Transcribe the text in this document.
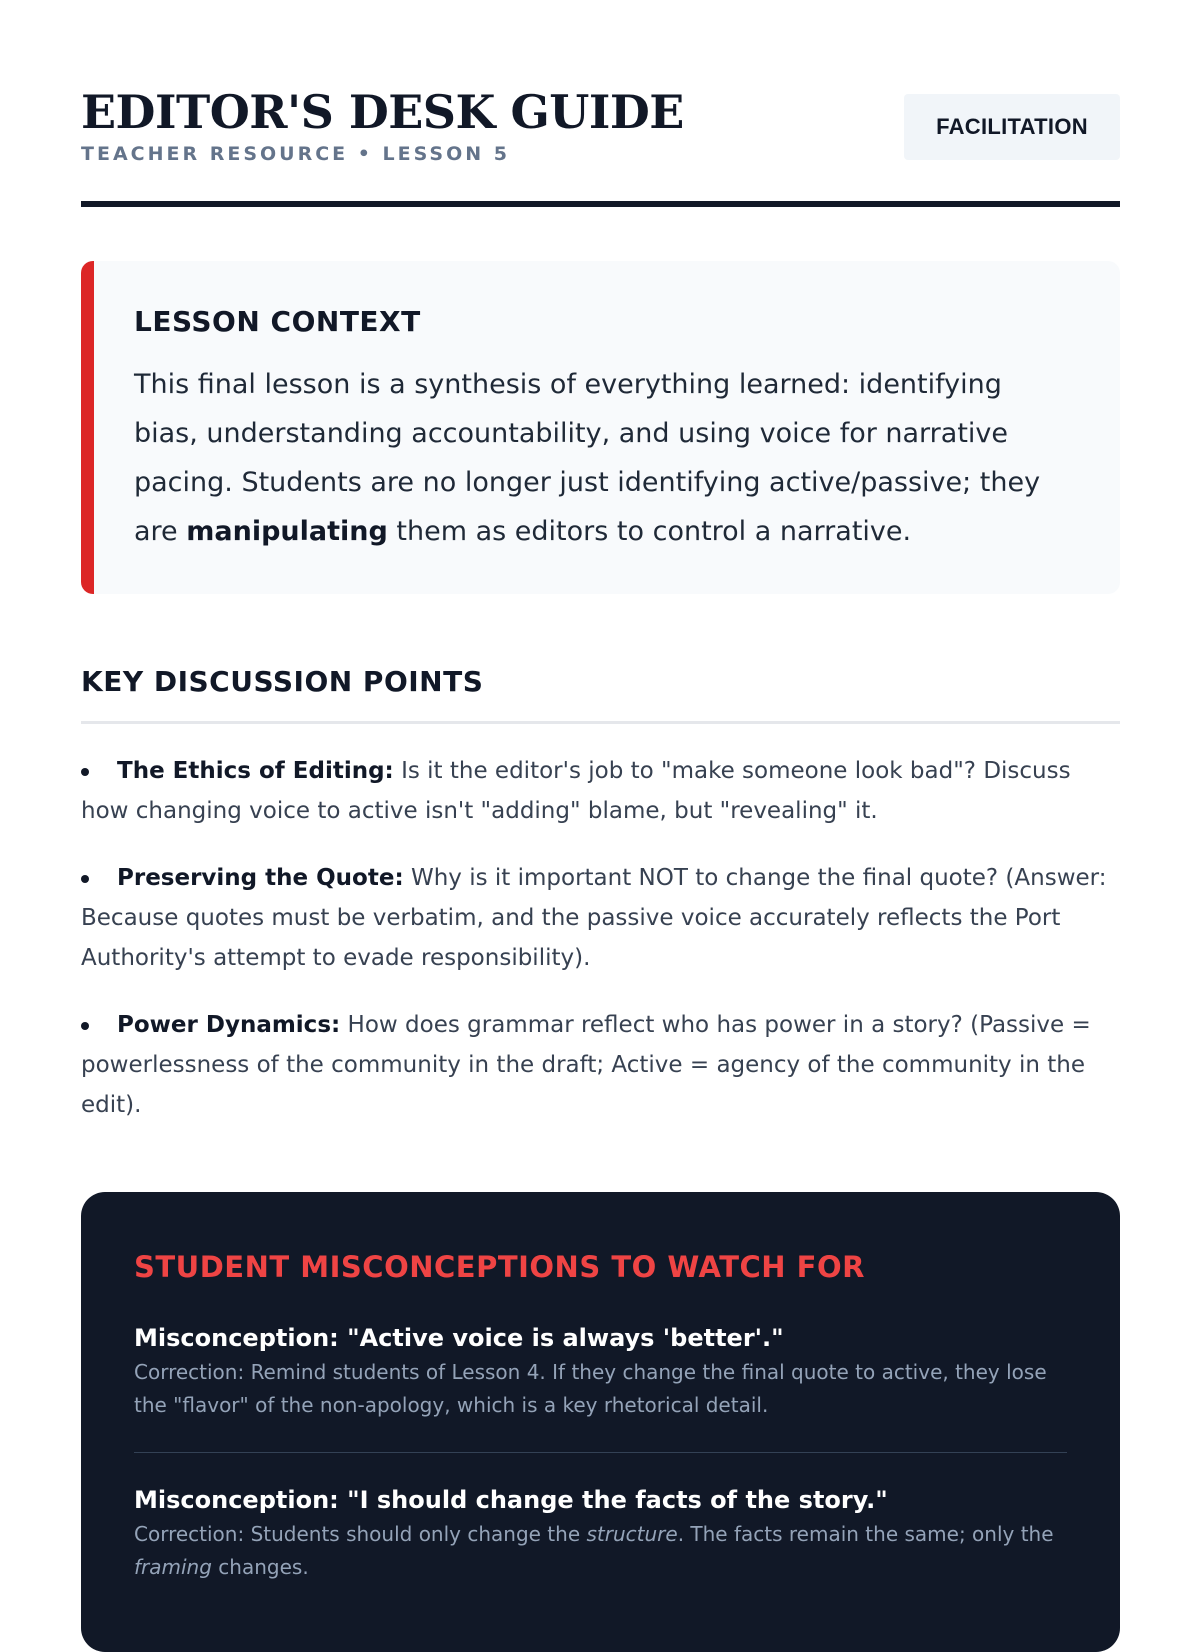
EDITOR'S DESK GUIDE
TEACHER RESOURCE • LESSON 5
FACILITATION
LESSON CONTEXT

This final lesson is a synthesis of everything learned: identifying bias, understanding accountability, and using voice for narrative pacing. Students are no longer just identifying active/passive; they are manipulating them as editors to control a narrative.

KEY DISCUSSION POINTS
The Ethics of Editing: Is it the editor's job to "make someone look bad"? Discuss how changing voice to active isn't "adding" blame, but "revealing" it.
Preserving the Quote: Why is it important NOT to change the final quote? (Answer: Because quotes must be verbatim, and the passive voice accurately reflects the Port Authority's attempt to evade responsibility).
Power Dynamics: How does grammar reflect who has power in a story? (Passive = powerlessness of the community in the draft; Active = agency of the community in the edit).
STUDENT MISCONCEPTIONS TO WATCH FOR

Misconception: "Active voice is always 'better'."

Correction: Remind students of Lesson 4. If they change the final quote to active, they lose the "flavor" of the non-apology, which is a key rhetorical detail.

Misconception: "I should change the facts of the story."

Correction: Students should only change the structure. The facts remain the same; only the framing changes.
